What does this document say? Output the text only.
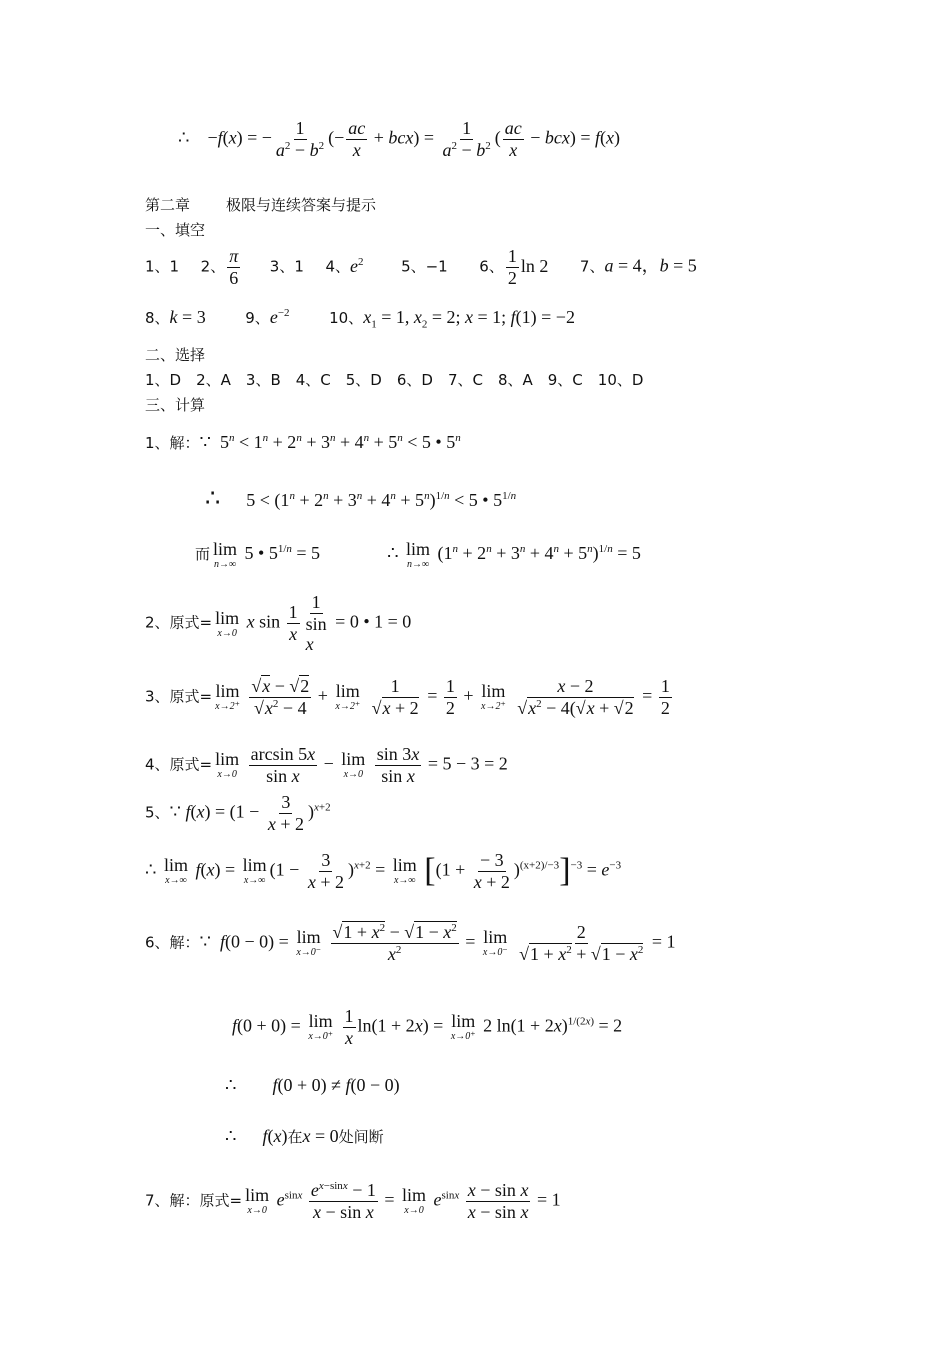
∴    −f(x) = − $\frac{1}{a^2 - b^2}$ (− $\frac{ac}{x} + bcx) = \frac{1}{a^2 - b^2}$ ( $\frac{ac}{x} - bcx) = f(x)$
第二章 极限与连续答案与提示
一、填空
1、1 2、 $\frac{\pi}{6} 3$、1 4、$e^2$	5、−1 6、 $\frac{1}{2}$ ln 2 7、a = 4，b = 5
8、k = 3	9、$e^{-2}$	10、$x_1 = 1$, $x_2 = 2$; x = 1; f(1) = −2
二、选择
1、D　2、A　3、B　4、C　5、D　6、D　7、C　8、A　9、C　10、D
三、计算
1、解：∵  $5^n < 1^n + 2^n + 3^n + 4^n + 5^n < 5$ • 5$^n$
∴ $5 < (1^n + 2^n + 3^n + 4^n + 5^n)^{1/n} < 5$ • $5^{1/n}$
而 lim
n→∞
5 • $5^{1/n} = 5$	∴ lim
n→∞
$(1^n + 2^n + 3^n + 4^n + 5^n)^{1/n} = 5$
2、原式= lim
x→0
x $\sin \frac{1}{x}$
1
sin
x
= 0 • 1 = 0
3、原式= lim
x→2⁺
$\frac{√x - √2}{√x^2 - 4} + \lim$
x→2⁺
$\frac{1}{√x + 2} = \frac{1}{2} + \lim$
x→2⁺
$\frac{x - 2}{√x^2 - 4(√x + √2} = \frac{1}{2}$
4、原式= lim
x→0
$\frac{\arcsin 5x}{\text{sin x}} - \lim$
x→0
$\frac{\sin 3x}{\text{sin x}} = 5 - 3 = 2$
5、∵ $f(x) = (1 - \frac{3}{x + 2} )^{x+2}$
∴ lim
x→∞
f(x) = lim
x→∞
$(1 - \frac{3}{x + 2} )^{x+2} = \lim$
x→∞ $[(1 + \frac{- 3}{x + 2} )^{(x+2)/-3}]^{-3} = e^{-3}$
6、解：∵  f(0 − 0) = lim
x→0⁻
$\frac{√1 + x^2 - √1 - x^2}{x^2} = \lim$
x→0⁻
$\frac{2}{√1 + x^2 + √1 - x^2} = 1$
f(0 + 0) = lim
x→0⁺
$\frac{1}{x} \ln(1 + 2x) = \lim$
x→0⁺
2 $\ln(1 + 2x)^{1/(2x)} = 2$
∴ f(0 + 0) ≠ f(0 − 0)
∴ f(x)在x = 0处间断
7、解：原式= lim
x→0
$e^{sinx} \frac{e^{x-sinx} - 1}{\text{x − sin x}} = \lim$
x→0
$e^{sinx} \frac{\text{x − sin x}}{\text{x − sin x}} = 1$
